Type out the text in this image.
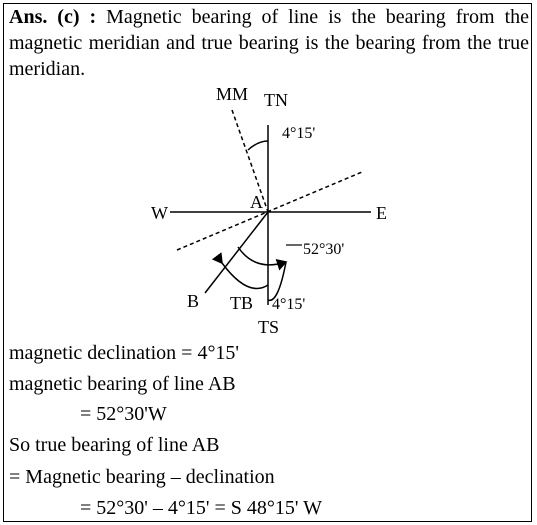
Ans. (c) : Magnetic bearing of line is the bearing from the magnetic meridian and true bearing is the bearing from the true meridian.
MM TN
4°15'
W	E
A
52°30'
B TB 4°15'
TS
magnetic declination = 4°15'
magnetic bearing of line AB
= 52°30'W
So true bearing of line AB
= Magnetic bearing – declination
= 52°30' – 4°15' = S 48°15' W
